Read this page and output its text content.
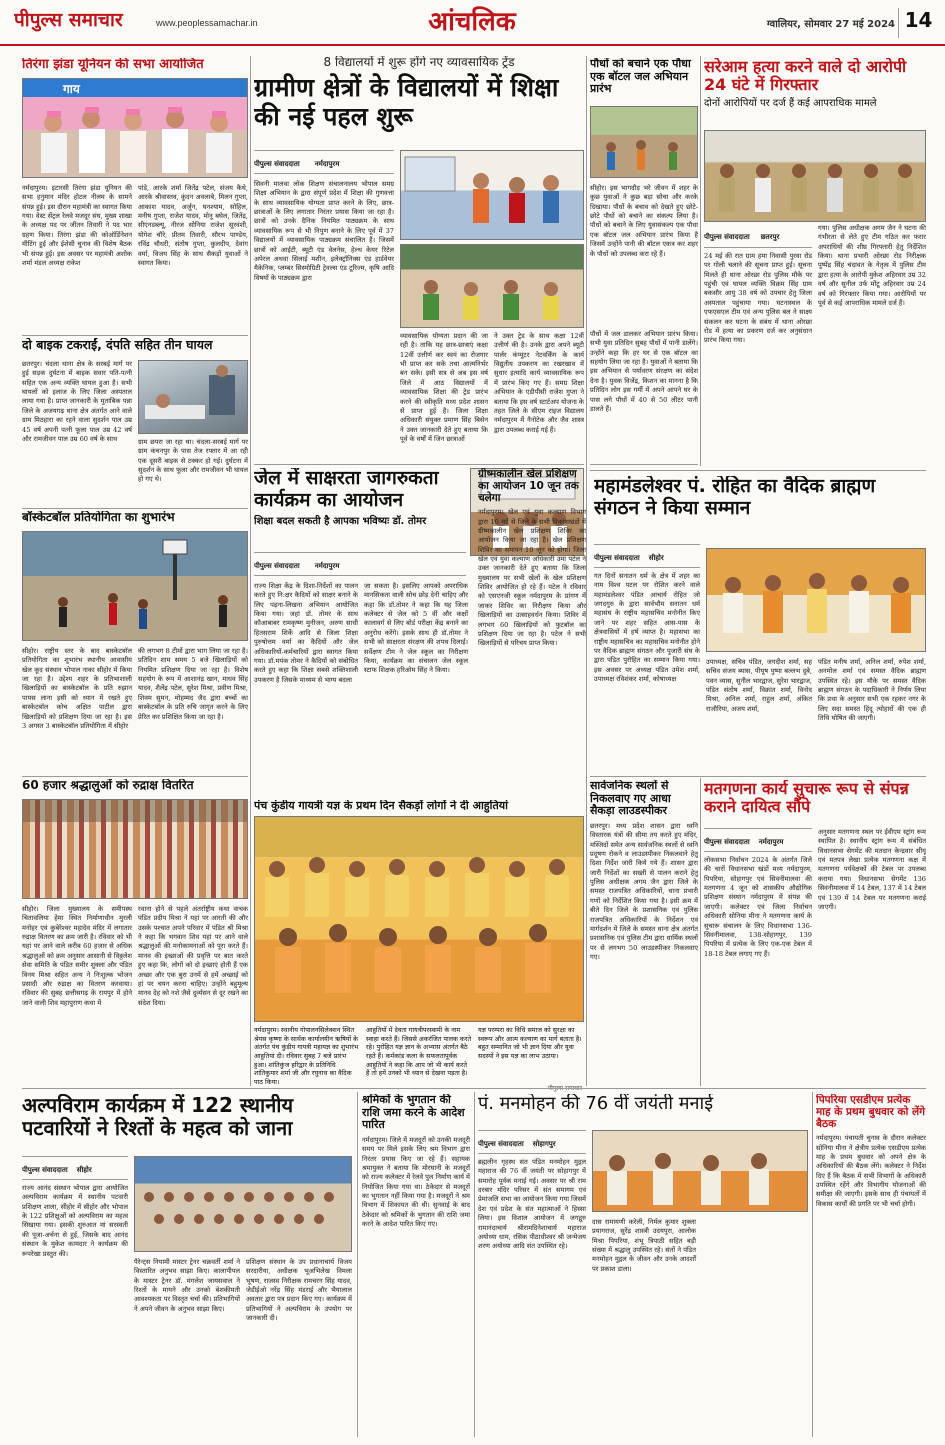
पीपुल्स समाचार	www.peoplessamachar.in	आंचलिक	ग्वालियर, सोमवार 27 मई 2024 14
तिरंगा झंडा यूनियन की सभा आयोजित
गाय
नर्मदापुरम। इटारसी तिरंगा झंडा यूनियन की सभा हनुमान मंदिर होटल नीलम के सामने संपन्न हुई। इस दौरान महामंत्री का स्वागत किया गया। वेस्ट सेंट्रल रेलवे मजदूर संघ, मुख्य शाखा के अध्यक्ष पद पर जीतन तिवारी ने पद भार ग्रहण किया। तिरंगा झंडा की कोऑर्डिनेशन मीटिंग हुई और ईशेसी चुनाव की विशेष बैठक भी संपन्न हुई। इस अवसर पर महामंत्री अशोक शर्मा मंडल अध्यक्ष राकेश
पांडे, आरके शर्मा जितेंद्र पटेल, संजय कैथे, आरके श्रीवास्तव, कुंदन अवलाबे, मिलन गुप्ता, आकाश यादव, अर्जुन, घनश्याम, सोहिल, मनीष गुप्ता, राजेश यादव, मोनू बघेल, जितेंद्र, सीएनडब्ल्यू, नीरज सोनिया राजेश सूरवंशी, योगेश चौरे, प्रीतम तिवारी, सौरभ पाण्डेय, रविंद्र चौधरी, संतोष गुप्ता, कुलदीप, देवांग वर्मा, विजय सिंह के साथ सैकड़ों युवाओं ने स्वागत किया।
दो बाइक टकराईं, दंपति सहित तीन घायल
छतरपुर। चंदला थाना क्षेत्र के सरबई मार्ग पर हुई सड़क दुर्घटना में बाइक सवार पति-पत्नी सहित एक अन्य व्यक्ति घायल हुआ है। सभी घायलों को इलाज के लिए जिला अस्पताल लाया गया है। प्राप्त जानकारी के मुताबिक पन्ना जिले के अजयगढ़ थाना क्षेत्र अंतर्गत आने वाले ग्राम मिठहारा का रहने वाला सुदर्शन पाल उम्र 45 वर्ष अपनी पत्नी फूला पाल उम्र 42 वर्ष और रामजीवन पाल उम्र 60 वर्ष के साथ	ग्राम छपरा जा रहा था। चंदला-सरबई मार्ग पर ग्राम कंचनपुर के पास तेज रफ्तार में आ रही एक दूसरी बाइक से टक्कर हो गई। दुर्घटना में सुदर्शन के साथ फूला और रामजीवन भी घायल हो गए थे।
बॉस्केटबॉल प्रतियोगिता का शुभारंभ
सीहोर। राष्ट्रीय स्तर के बाद बास्केटबॉल प्रतियोगिता का शुभारंभ स्थानीय आवासीय खेल कूद संस्थान भोपाल नाका सीहोर में किया जा रहा है। उद्देश्य शहर के प्रतिभाशाली खिलाड़ियों का बास्केटबॉल के प्रति रुझान पायस लाना इसी को ध्यान में रखते हुए बास्केटबॉल कोच अक्षित पाटील द्वारा खिलाड़ियों को प्रशिक्षण दिया जा रहा है। इस 3 अगस्त 3 बास्केटबॉल प्रतियोगिता में सीहोर
की लगभग 8 टीमों द्वारा भाग लिया जा रहा है। प्रतिदिन शाम समय 5 बजे खिलाड़ियों को नियमित प्रशिक्षण दिया जा रहा है। विशेष सहयोग के रूप में आशानंद्र खान, माधव सिंह यादव, शैलेंद्र पटेल, सुरेश मिश्रा, प्रवीण मिश्रा, शिवम सुमन, मोहम्मद जैद द्वारा बच्चों का बास्केटबॉल के प्रति रुचि जागृत करने के लिए प्रेरित कर प्रशिक्षित किया जा रहा है।
60 हजार श्रद्धालुओं को रुद्राक्ष वितरित
सीहोर। जिला मुख्यालय के समीपस्थ चितावलिया हेमा स्थित निर्माणाधीन मुरली मनोहर एवं कुबेरेश्वर महादेव मंदिर में लगातार रुद्राक्ष वितरण का क्रम जारी है। रविवार को भी यहां पर आने वाले करीब 60 हजार से अधिक श्रद्धालुओं को क्रम अनुसार आसानी से विठ्ठलेश सेवा समिति के पंडित समीर शुक्ला और पंडित विनय मिश्रा सहित अन्य ने निःशुल्क भोजन प्रसादी और रुद्राक्ष का वितरण करवाया। रविवार की सुबह छत्तीसगढ़ के रायपुर में होने जाने वाली शिव महापुराण कथा में
रवाना होने से पहले अंतर्राष्ट्रीय कथा वाचक पंडित प्रदीप मिश्रा ने यहां पर आरती की और उसके पश्चात अपने परिवार में पंडित श्री मिश्रा ने कहा कि भगवान शिव यहां पर आने वाले श्रद्धालुओं की मनोकामनाओं को पूरा करते हैं। मानव की इच्छाओं की प्रवृत्ति पर बात करते हुए कहा कि, लोगों को दो इच्छाएं होती हैं एक अच्छा और एक बुरा उनमें से हमें अच्छाई को हां पर चयन करना चाहिए। उन्होंने बहुमूल्य मानव देह को नशे जैसे दुर्व्यसन से दूर रखने का संदेश दिया।
8 विद्यालयों में शुरू होंगे नए व्यावसायिक ट्रेंड
ग्रामीण क्षेत्रों के विद्यालयों में शिक्षा की नई पहल शुरू
पीपुल्स संवाददाता नर्मदापुरम

सिवनी मालवा लोक शिक्षण संचालनालय भोपाल समग्र शिक्षा अभियान के द्वारा संपूर्ण प्रदेश में शिक्षा की गुणवत्ता के साथ व्यावसायिक योग्यता प्राप्त करने के लिए, छात्र-छात्राओं के लिए लगातार निरंतर प्रयास किया जा रहा है। छात्रों को उनके दैनिक नियमित पाठ्यक्रम के साथ व्यावसायिक रूप से भी निपुण बनाने के लिए पूर्व में 37 विद्यालयों में व्यावसायिक पाठ्यक्रम संचालित हैं। जिसमें छात्रों को आईटी, ब्यूटी एंड वेलनेस, हेल्थ केयर रिटेल अपेरल अथवा सिलाई मशीन, इलेक्ट्रॉनिक्स एंड हार्डवेयर मैकेनिक, प्लम्बर सिस्मोग्रिटी ट्रेवल्स एंड टूरिज्म, कृषि आदि विषयों के पाठ्यक्रम द्वारा
व्यावसायिक योग्यता प्रदान की जा रही है। ताकि यह छात्र-छात्राएं कक्षा 12वीं उत्तीर्ण कर स्वयं का रोजगार भी प्राप्त कर सके तथा आत्मनिर्भर बन सके। इसी सत्र से अब इस वर्ष जिले में आठ विद्यालयों में व्यावसायिक शिक्षा की ट्रेड प्रारंभ करने की स्वीकृति मध्य प्रदेश शासन से प्राप्त हुई है। जिला शिक्षा अधिकारी संयुक्त प्रमाण सिंह बिसेन ने उक्त जानकारी देते हुए बताया कि पूर्व के वर्षों में जिन छात्राओं
ने उक्त ट्रेड के साथ कक्षा 12वीं उत्तीर्ण की है। उनके द्वारा अपने ब्यूटी पार्लर कंप्यूटर नेटवर्किंग के कार्य विद्युतीय उपकरण का रखरखाव में सुधार इत्यादि कार्य व्यावसायिक रूप में प्रारंभ किए गए हैं। समग्र शिक्षा अभियान के एडीपीसी राजेश गुप्ता ने बताया कि इस वर्ष स्टार्टअप योजना के तहत जिले के सीएम राइज विद्यालय नर्मदापुरम में नैनोटेक और जैव शास्त्र द्वारा उपलब्ध कराई गई हैं।
जेल में साक्षरता जागरुकता कार्यक्रम का आयोजन
शिक्षा बदल सकती है आपका भविष्यः डॉ. तोमर
पीपुल्स संवाददाता नर्मदापुरम

राज्य शिक्षा केंद्र के दिशा-निर्देशों का पालन करते हुए नि:क्षर कैदियों को साक्षर बनाने के लिए पढ़ना-लिखना अभियान आयोजित किया गया। जहां डॉ. तोमर के साथ कौआबाबर रामकृष्ण मुनीजन, अरुण साधी हितसराम शिर्के आदि से जिला शिक्षा पुरुषोत्तम वर्मा का कैदियों और जेल अधिकारियों-कर्मचारियों द्वारा स्वागत किया गया। डॉ.मयंक तोमर ने कैदियों को संबोधित करते हुए कहा कि शिक्षा सबसे शक्तिशाली उपकरण है जिसके माध्यम से भाग्य बदला
जा सकता है। इसलिए आपको अपराधिक मानसिकता वाली सोच छोड़ देनी चाहिए और कहा कि डॉ.तोमर ने कहा कि यह जिला कलेक्टर से जेल को 5 वीं और कक्षों कालावर्ग से लिए बोर्ड परीक्षा केंद्र बनाने का अनुरोध करेंगे। इसके साथ ही डॉ.तोमर ने सभी को साक्षरता संरक्षण की शपथ दिलाई। सर्वेक्षण टीम ने जेल स्कूल का निरीक्षण किया, कार्यक्रम का संचालन जेल स्कूल स्टाफ शिक्षक हरिओम सिंह ने किया।
पौधों को बचाने एक पौधा एक बॉटल जल अभियान प्रारंभ
सीहोर। इस भागदौड़ भरे जीवन में शहर के कुछ युवाओं ने कुछ बड़ा सोचा और करके दिखाया। पौधों के बचाव को देखते हुए छोटे-छोटे पौधों को बचाने का संकल्प लिया है। पौधों को बचाने के लिए युवासंकल्प एक पौधा एक बॉटल जल अभियान प्रारंभ किया है जिसमें उन्होंने पानी की बॉटल एकत्र कर शहर के पौधों को उपलब्ध करा रहे हैं।
पौधों में जल डालकर अभियान प्रारंभ किया। सभी युवा प्रतिदिन सुबह पौधों में पानी डालेंगे। उन्होंने कहा कि हर घर से एक बॉटल का सहयोग लिया जा रहा है। युवाओं ने बताया कि इस अभियान से पर्यावरण संरक्षण का संदेश देना है। युवक विजेंद्र, किशन का मानना है कि प्रतिदिन लोग इस गर्मी में अपने आपने घर के पास लगे पौधों में 40 से 50 लीटर पानी डालते हैं।
ग्रीष्मकालीन खेल प्रशिक्षण का आयोजन 10 जून तक चलेगा
नर्मदापुरम। खेल एवं युवा कल्याण विभाग द्वारा 10 मई से जिले के सभी विकासखंडों में ग्रीष्मकालीन खेल प्रशिक्षण शिविर का आयोजन किया जा रहा है। खेल प्रशिक्षण शिविर का समापन 10 जून को होगा। जिला खेल एवं युवा कल्याण अधिकारी उमा पटेल ने उक्त जानकारी देते हुए बताया कि जिला मुख्यालय पर सभी खेलों के खेल प्रशिक्षण शिविर आयोजित हो रहे हैं। पटेल ने रविवार को एसएनजी स्कूल नर्मदापुरम के प्रांगण में जाकर शिविर का निरीक्षण किया और खिलाड़ियों का उत्साहवर्धन किया। शिविर में लगभग 60 खिलाड़ियों को फुटबॉल का प्रशिक्षण दिया जा रहा है। पटेल ने सभी खिलाड़ियों से परिचय प्राप्त किया।
सरेआम हत्या करने वाले दो आरोपी 24 घंटे में गिरफ्तार
दोनों आरोपियों पर दर्ज हैं कई आपराधिक मामले
पीपुल्स संवाददाता छतरपुर

24 मई की रात ग्राम हमा निवासी पुरवा रोड पर गोली चलाने की सूचना प्राप्त हुई। सूचना मिलते ही थाना ओरछा रोड पुलिस मौके पर पहुंची एवं घायल व्यक्ति विक्रम सिंह ग्राम बकसौर आयु 38 वर्ष को उपचार हेतु जिला अस्पताल पहुंचाया गया। घटनास्थल के एफएसएल टीम एवं अन्य पुलिस बल ने साक्ष्य संकलन कर घटना के संबंध में थाना ओरछा रोड में हत्या का प्रकरण दर्ज कर अनुसंधान प्रारंभ किया गया।
गया। पुलिस अधीक्षक अगम जैन ने घटना की गंभीरता से लेते हुए टीम गठित कर फरार अपराधियों की शीघ्र गिरफ्तारी हेतु निर्देशित किया। थाना प्रभारी ओरछा रोड निरीक्षक पुष्पेंद्र सिंह चंदावत के नेतृत्व में पुलिस टीम द्वारा हत्या के आरोपी मुकेश अहिरवार उम्र 32 वर्ष और सुनील उर्फ मोंटू अहिरवार उम्र 24 वर्ष को गिरफ्तार किया गया। आरोपियों पर पूर्व से कई आपराधिक मामले दर्ज हैं।
महामंडलेश्वर पं. रोहित का वैदिक ब्राह्मण संगठन ने किया सम्मान
पीपुल्स संवाददाता सीहोर

गत दिनों सनातन धर्म के क्षेत्र में शहर का नाम विश्व पटल पर रोशित करने वाले महामंडलेश्वर पंडित आचार्य रोहित जो जगदगुरु के द्वारा सार्वभौम सनातन धर्म महासंघ के राष्ट्रीय महासचिव मनोनीत किए जाने पर शहर सहित आस-पास के क्षेत्रवासियों में हर्ष व्याप्त है। महासभा का राष्ट्रीय महासचिव का महासचिव मनोनीत होने पर वैदिक ब्राह्मण संगठन और पुजारी संघ के द्वारा पंडित पुरोहित का सम्मान किया गया। इस अवसर पर अध्यक्ष पंडित उमेश शर्मा, उपाध्यक्ष रविशंकर शर्मा, कोषाध्यक्ष
उपाध्यक्ष, सचिव पंडित, जगदीश शर्मा, सह सचिव संजय ब्यास, पीयूष पुष्पा बल्लभ दुबे, पवन व्यास, सुनील भारद्वाज, सुरेश भारद्वाज, पंडित संतोष शर्मा, विक्रांत शर्मा, विनोद मिश्रा, अनिल शर्मा, राहुल शर्मा, अंकित राजौरिया, अजय शर्मा,
पंडित मनीष शर्मा, अनिल शर्मा, रुपेश शर्मा, अनमोल शर्मा एवं समस्त वैदिक ब्राह्मण उपस्थित रहे। इस मौके पर समस्त वैदिक ब्राह्मण संगठन के पदाधिकारी ने निर्णय लिया कि प्रथा के अनुसार सभी एक रहकर नगर के लिए सदा समस्त हिंदू त्योहारों की एक ही तिथि घोषित की जाएगी।
सार्वजनिक स्थलों से निकलवाए गए आधा सैकड़ा लाउडस्पीकर
छतरपुर। मध्य प्रदेश शासन द्वारा ध्वनि विस्तारक यंत्रों की सीमा तय करते हुए मंदिर, मस्जिदों समेत अन्य सार्वजनिक स्थलों से ध्वनि प्रदूषण रोकने व लाउडस्पीकर निकलवाने हेतु दिशा निर्देश जारी किये गये हैं। शासन द्वारा जारी निर्देशों का सख्ती से पालन कराने हेतु पुलिस अधीक्षक अगम जैन द्वारा जिले के समस्त राजपत्रित अधिकारियों, थाना प्रभारी गणों को निर्देशित किया गया है। इसी क्रम में बीते दिन जिले के प्रशासनिक एवं पुलिस राजपत्रित अधिकारियों के निर्देशन एवं मार्गदर्शन में जिले के समस्त थाना क्षेत्र अंतर्गत प्रशासनिक एवं पुलिस टीम द्वारा धार्मिक स्थलों पर से लगभग 50 लाउडस्पीकर निकलवाए गए।
मतगणना कार्य सुचारू रूप से संपन्न कराने दायित्व सौंपे
पीपुल्स संवाददाता नर्मदापुरम

लोकसभा निर्वाचन 2024 के अंतर्गत जिले की चारों विधानसभा खंडों मध्य नर्मदापुरम, पिपरिया, सोहागपुर एवं सिवनीमालवा की मतगणना 4 जून को शासकीय औद्योगिक प्रशिक्षण संस्थान नर्मदापुरम में संपन्न की जाएगी। कलेक्टर एवं जिला निर्वाचन अधिकारी सोनिया मीना ने मतगणना कार्य के सुचारू संचालन के लिए विधानसभा 136-सिवनीमालवा, 138-सोहागपुर, 139 पिपरिया में प्रत्येक के लिए एक-एक टेबल में 18-18 टेबल लगाए गए हैं।
अनुसार मतगणना स्थल पर ईवीएम स्ट्रांग रूम स्थापित है। स्थानीय स्ट्रांग रूम में संबंधित विधानसभा सेगमेंट की मतदान केन्द्रवार सीयू एवं मतपत्र लेखा प्रत्येक मतगणना कक्ष में मतगणना पर्यवेक्षकों की टेबल पर उपलब्ध कराया गया। विधानसभा सेगमेंट 136 सिवनीमालवा में 14 टेबल, 137 में 14 टेबल एवं 139 में 14 टेबल पर मतगणना कराई जाएगी।
पंच कुंडीय गायत्री यज्ञ के प्रथम दिन सैकड़ों लोगों ने दी आहुतियां
नर्मदापुरम। स्थानीय गोपालनसिलेक्शन स्थित श्रेयस कृष्णा के सार्थक कार्यालयीन ऋषियों के अंतर्गत पंच कुंडीय गायत्री महायज्ञ का शुभारंभ आहुतियां दी। रविवार सुबह 7 बजे प्रारंभ हुआ। शांतिकुंज हरिद्वार के प्रतिनिधि शांतिकुमार शर्मा जी और रघुनाथ का वैदिक पाठ किया।
आहुतियों में देवता गायत्रीपरस्वामी के नाम स्वाहा करते हैं। जिससे अकरंजित पालक करते रहे। पुरोहित यज्ञ ज्ञान के अभ्यास अंतर्गत बैठे रहते हैं। कर्मकांड कला के सफलतापूर्वक आहुतियों ने कहा कि आप जो भी कार्य करते हैं तो हमें उनको भी ध्यान से देखना पड़ता है।
यज्ञ परम्परा का विधि समाज को सुरक्षा का स्वरूप और आत्म कल्याण का मार्ग बताता है। बहुत सम्मानित जो भी ज्ञान दिया और युवा सदस्यों ने इस यज्ञ का लाभ उठाया।
अल्पविराम कार्यक्रम में 122 स्थानीय पटवारियों ने रिश्तों के महत्व को जाना
पीपुल्स संवाददाता सीहोर

राज्य आनंद संस्थान भोपाल द्वारा आयोजित अल्पविराम कार्यक्रम में स्थानीय पटवारी प्रशिक्षण शाला, सीहोर में सीहोर और भोपाल के 122 प्रशिक्षुओं को अल्पविराम का महत्व सिखाया गया। इसकी शुरुआत मां सरस्वती की पूजा-अर्चना से हुई, जिसके बाद आनंद संस्थान के मुकेश कामदार ने कार्यक्रम की रूपरेखा प्रस्तुत की।
पैरेन्ट्स नियामी मास्टर ट्रेनर चक्रवर्ती शर्मा ने विस्तारित अनुभव साझा किए। कालापीपल के मास्टर ट्रेनर डॉ. मंगलेश जायसवाल ने रिश्तों के मायने और उनको बेशकीमती आवश्यकता पर विस्तृत चर्चा की। प्रतिभागियों ने अपने जीवन के अनुभव साझा किए।
प्रशिक्षण संस्थान के उप प्रधानाचार्य विजय सरदारीया, अधीक्षक भूअभिलेख विमला भूषण, राजस्व निरीक्षक रामचरन सिंह यादव, जेडीईओ नरेंद्र सिंह मंडराई और भैयालाल अवतार द्वारा पत्र प्रदान किए गए। कार्यक्रम में प्रतिभागियों ने अल्पविराम के उपयोग पर जानकारी दी।
श्रमिकों के भुगतान की राशि जमा करने के आदेश पारित
नर्मदापुरम। जिले में मजदूरों को उनकी मजदूरी समय पर मिले इसके लिए श्रम विभाग द्वारा निरंतर प्रयास किए जा रहे हैं। सहायक श्रमायुक्त ने बताया कि मोरघानी के मजदूरों को राज्य कलेक्टर में रेलवे पुल निर्माण कार्य में नियोजित किया गया था। ठेकेदार से मजदूरों का भुगतान नहीं किया गया है। मजदूरों ने श्रम विभाग में शिकायत की थी। सुनवाई के बाद ठेकेदार को श्रमिकों के भुगतान की राशि जमा करने के आदेश पारित किए गए।
पं. मनमोहन की 76 वीं जयंती मनाई
पीपुल्स संवाददाता सोहागपुर

ब्रह्मलीन गृहस्थ संत पंडित मनमोहन मुद्गल महाराज की 76 वीं जयंती पर सोहागपुर में समारोह पूर्वक मनाई गई। अवसर पर श्री राम दरबार मंदिर परिसर में संत समागम एवं प्रेमांजलि सभा का आयोजन किया गया जिसमें देश एवं प्रदेश के संत महात्माओं ने हिस्सा लिया। इस विशाल आयोजन में जगद्गुरु रामानंदाचार्य श्रीरामदिनेशाचार्य महाराज अयोध्या धाम, रसिक पीठाधीश्वर श्री जन्मेजय शरण अयोध्या आदि संत उपस्थित रहे।
दास रामायणी करेली, निर्मल कुमार शुक्ला प्रयागराज, सुरेंद्र शास्त्री उदयपुरा, आलोक मिश्रा पिपरिया, शंभू त्रिपाठी सहित बड़ी संख्या में श्रद्धालु उपस्थित रहे। संतों ने पंडित मनमोहन मुद्गल के जीवन और उनके आदर्शों पर प्रकाश डाला।
पिपरिया एसडीएम प्रत्येक माह के प्रथम बुधवार को लेंगे बैठक
नर्मदापुरम। पंचायती चुनाव के दौरान कलेक्टर सोनिया मीना ने क्षेत्रीय प्रत्येक एसडीएम प्रत्येक माह के प्रथम बुधवार को अपने क्षेत्र के अधिकारियों की बैठक लेंगे। कलेक्टर ने निर्देश दिए हैं कि बैठक में सभी विभागों के अधिकारी उपस्थित रहेंगे और विभागीय योजनाओं की समीक्षा की जाएगी। इसके साथ ही पंचायतों में विकास कार्यों की प्रगति पर भी चर्चा होगी।
